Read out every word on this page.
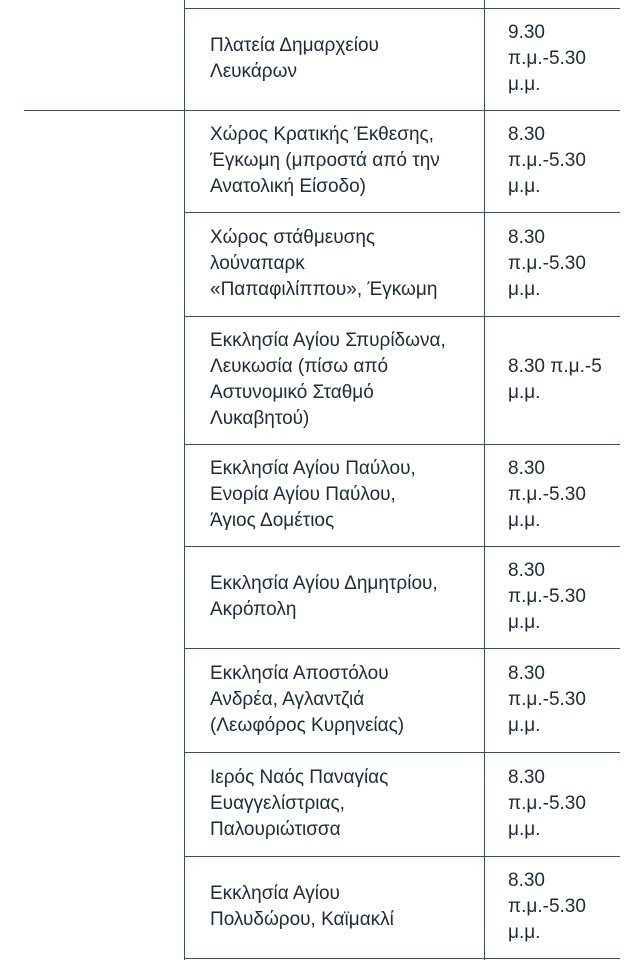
Πλατεία Δημαρχείου
Λευκάρων
9.30
π.μ.-5.30
μ.μ.
Χώρος Κρατικής Έκθεσης,
Έγκωμη (μπροστά από την
Ανατολική Είσοδο)
8.30
π.μ.-5.30
μ.μ.
Χώρος στάθμευσης
λούναπαρκ
«Παπαφιλίππου», Έγκωμη
8.30
π.μ.-5.30
μ.μ.
Εκκλησία Αγίου Σπυρίδωνα,
Λευκωσία (πίσω από
Αστυνομικό Σταθμό
Λυκαβητού)
8.30 π.μ.-5
μ.μ.
Εκκλησία Αγίου Παύλου,
Ενορία Αγίου Παύλου,
Άγιος Δομέτιος
8.30
π.μ.-5.30
μ.μ.
Εκκλησία Αγίου Δημητρίου,
Ακρόπολη
8.30
π.μ.-5.30
μ.μ.
Εκκλησία Αποστόλου
Ανδρέα, Αγλαντζιά
(Λεωφόρος Κυρηνείας)
8.30
π.μ.-5.30
μ.μ.
Ιερός Ναός Παναγίας
Ευαγγελίστριας,
Παλουριώτισσα
8.30
π.μ.-5.30
μ.μ.
Εκκλησία Αγίου
Πολυδώρου, Καϊμακλί
8.30
π.μ.-5.30
μ.μ.
